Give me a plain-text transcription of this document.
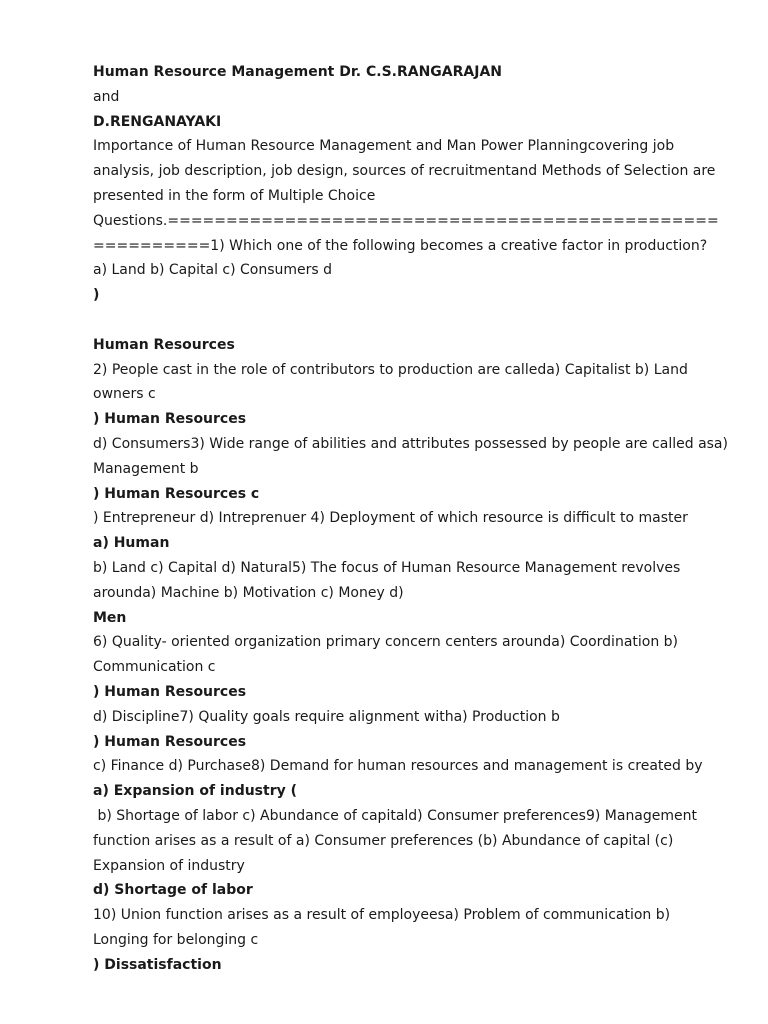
Human Resource Management Dr. C.S.RANGARAJAN
and
D.RENGANAYAKI
Importance of Human Resource Management and Man Power Planningcovering job
analysis, job description, job design, sources of recruitmentand Methods of Selection are
presented in the form of Multiple Choice
Questions.===============================================
==========1) Which one of the following becomes a creative factor in production?
a) Land b) Capital c) Consumers d
)
Human Resources
2) People cast in the role of contributors to production are calleda) Capitalist b) Land
owners c
) Human Resources
d) Consumers3) Wide range of abilities and attributes possessed by people are called asa)
Management b
) Human Resources c
) Entrepreneur d) Intreprenuer 4) Deployment of which resource is difficult to master
a) Human
b) Land c) Capital d) Natural5) The focus of Human Resource Management revolves
arounda) Machine b) Motivation c) Money d)
Men
6) Quality- oriented organization primary concern centers arounda) Coordination b)
Communication c
) Human Resources
d) Discipline7) Quality goals require alignment witha) Production b
) Human Resources
c) Finance d) Purchase8) Demand for human resources and management is created by
a) Expansion of industry (
b) Shortage of labor c) Abundance of capitald) Consumer preferences9) Management
function arises as a result of a) Consumer preferences (b) Abundance of capital (c)
Expansion of industry
d) Shortage of labor
10) Union function arises as a result of employeesa) Problem of communication b)
Longing for belonging c
) Dissatisfaction
